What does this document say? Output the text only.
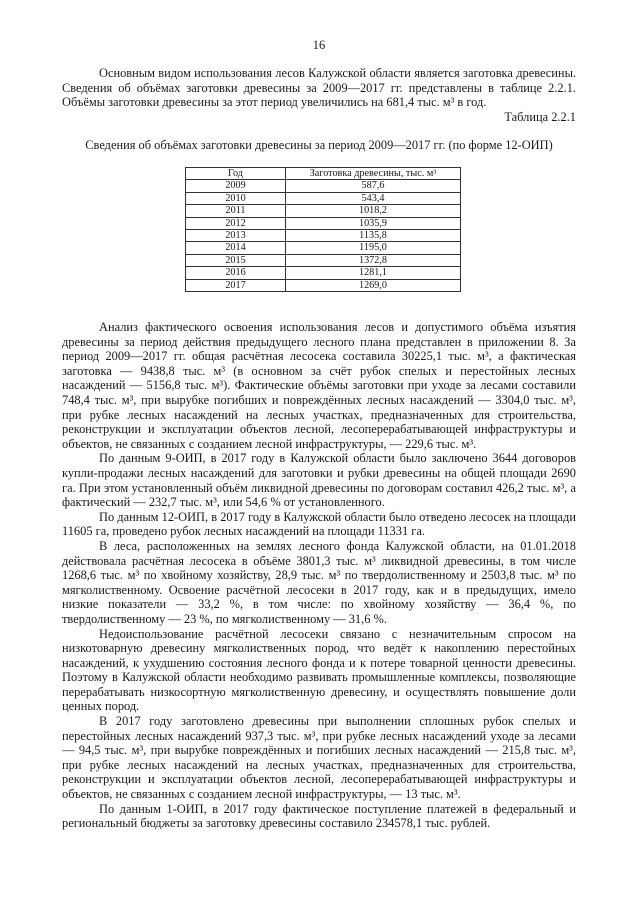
16

Основным видом использования лесов Калужской области является заготовка древесины. Сведения об объёмах заготовки древесины за 2009—2017 гг. представлены в таблице 2.2.1. Объёмы заготовки древесины за этот период увеличились на 681,4 тыс. м³ в год.

Таблица 2.2.1

Сведения об объёмах заготовки древесины за период 2009—2017 гг. (по форме 12-ОИП)

Год	Заготовка древесины, тыс. м³
2009	587,6
2010	543,4
2011	1018,2
2012	1035,9
2013	1135,8
2014	1195,0
2015	1372,8
2016	1281,1
2017	1269,0

Анализ фактического освоения использования лесов и допустимого объёма изъятия древесины за период действия предыдущего лесного плана представлен в приложении 8. За период 2009—2017 гг. общая расчётная лесосека составила 30225,1 тыс. м³, а фактическая заготовка — 9438,8 тыс. м³ (в основном за счёт рубок спелых и перестойных лесных насаждений — 5156,8 тыс. м³). Фактические объёмы заготовки при уходе за лесами составили 748,4 тыс. м³, при вырубке погибших и повреждённых лесных насаждений — 3304,0 тыс. м³, при рубке лесных насаждений на лесных участках, предназначенных для строительства, реконструкции и эксплуатации объектов лесной, лесоперерабатывающей инфраструктуры и объектов, не связанных с созданием лесной инфраструктуры, — 229,6 тыс. м³.

По данным 9-ОИП, в 2017 году в Калужской области было заключено 3644 договоров купли-продажи лесных насаждений для заготовки и рубки древесины на общей площади 2690 га. При этом установленный объём ликвидной древесины по договорам составил 426,2 тыс. м³, а фактический — 232,7 тыс. м³, или 54,6 % от установленного.

По данным 12-ОИП, в 2017 году в Калужской области было отведено лесосек на площади 11605 га, проведено рубок лесных насаждений на площади 11331 га.

В леса, расположенных на землях лесного фонда Калужской области, на 01.01.2018 действовала расчётная лесосека в объёме 3801,3 тыс. м³ ликвидной древесины, в том числе 1268,6 тыс. м³ по хвойному хозяйству, 28,9 тыс. м³ по твердолиственному и 2503,8 тыс. м³ по мягколиственному. Освоение расчётной лесосеки в 2017 году, как и в предыдущих, имело низкие показатели — 33,2 %, в том числе: по хвойному хозяйству — 36,4 %, по твердолиственному — 23 %, по мягколиственному — 31,6 %.

Недоиспользование расчётной лесосеки связано с незначительным спросом на низкотоварную древесину мягколиственных пород, что ведёт к накоплению перестойных насаждений, к ухудшению состояния лесного фонда и к потере товарной ценности древесины. Поэтому в Калужской области необходимо развивать промышленные комплексы, позволяющие перерабатывать низкосортную мягколиственную древесину, и осуществлять повышение доли ценных пород.

В 2017 году заготовлено древесины при выполнении сплошных рубок спелых и перестойных лесных насаждений 937,3 тыс. м³, при рубке лесных насаждений уходе за лесами — 94,5 тыс. м³, при вырубке повреждённых и погибших лесных насаждений — 215,8 тыс. м³, при рубке лесных насаждений на лесных участках, предназначенных для строительства, реконструкции и эксплуатации объектов лесной, лесоперерабатывающей инфраструктуры и объектов, не связанных с созданием лесной инфраструктуры, — 13 тыс. м³.

По данным 1-ОИП, в 2017 году фактическое поступление платежей в федеральный и региональный бюджеты за заготовку древесины составило 234578,1 тыс. рублей.
